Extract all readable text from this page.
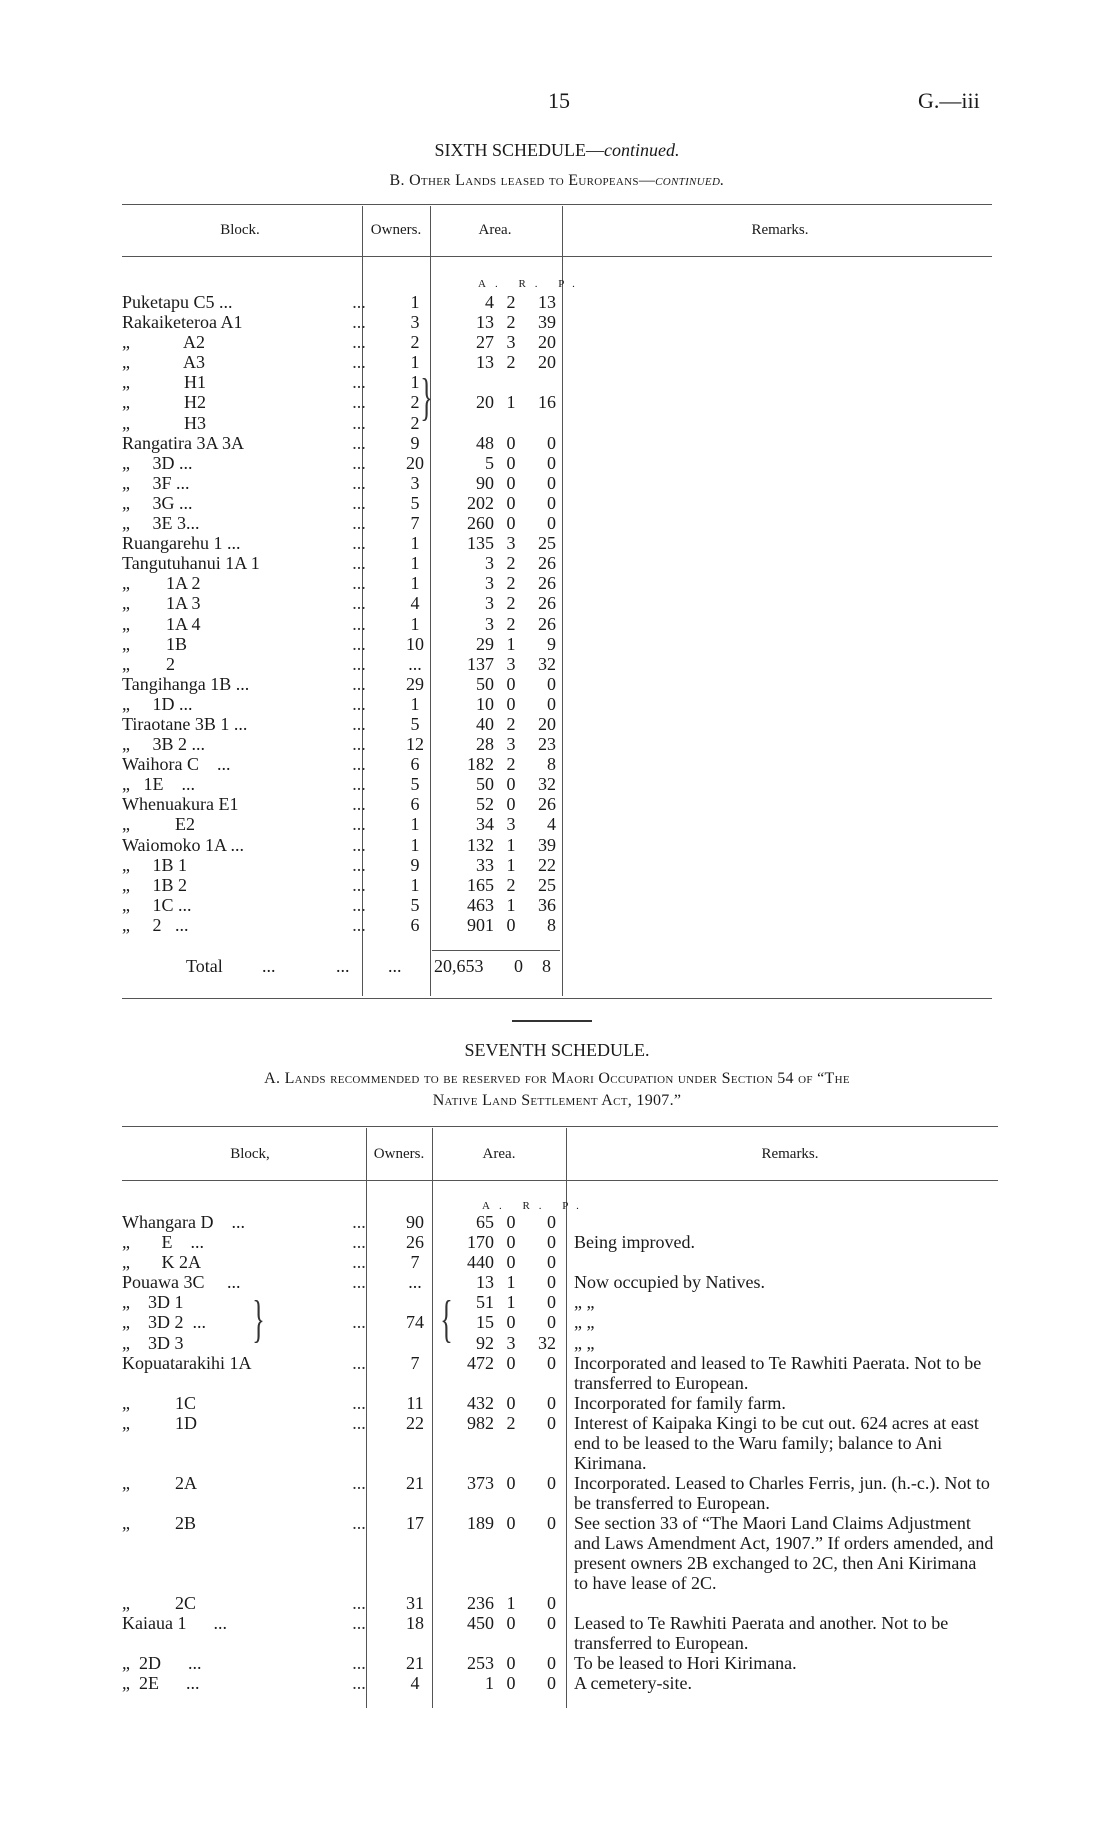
15	G.—iii
SIXTH SCHEDULE—continued.
B. Other Lands leased to Europeans—continued.
Block.	Owners.	Area.	Remarks.
A. R. P.
Puketapu C5 ...	...	1	4	2	13
Rakaiketeroa A1	...	3	13	2	39
„            A2	...	2	27	3	20
„            A3	...	1	13	2	20
„            H1	...	1			
„            H2	...	2	20	1	16
„            H3	...	2			
Rangatira 3A 3A	...	9	48	0	0
„     3D ...	...	20	5	0	0
„     3F ...	...	3	90	0	0
„     3G ...	...	5	202	0	0
„     3E 3...	...	7	260	0	0
Ruangarehu 1 ...	...	1	135	3	25
Tangutuhanui 1A 1	...	1	3	2	26
„        1A 2	...	1	3	2	26
„        1A 3	...	4	3	2	26
„        1A 4	...	1	3	2	26
„        1B	...	10	29	1	9
„        2	...	...	137	3	32
Tangihanga 1B ...	...	29	50	0	0
„     1D ...	...	1	10	0	0
Tiraotane 3B 1 ...	...	5	40	2	20
„     3B 2 ...	...	12	28	3	23
Waihora C    ...	...	6	182	2	8
„   1E    ...	...	5	50	0	32
Whenuakura E1	...	6	52	0	26
„          E2	...	1	34	3	4
Waiomoko 1A ...	...	1	132	1	39
„     1B 1	...	9	33	1	22
„     1B 2	...	1	165	2	25
„     1C ...	...	5	463	1	36
„     2   ...	...	6	901	0	8
}
Total ...	... ... 20,653 0 8
SEVENTH SCHEDULE.
A. Lands recommended to be reserved for Maori Occupation under Section 54 of “The
Native Land Settlement Act, 1907.”
Block,	Owners.	Area.	Remarks.
A. R. P.
Whangara D    ...	...	90	65	0	0	
„       E    ...	...	26	170	0	0	Being improved.
„       K 2A	...	7	440	0	0	
Pouawa 3C     ...	...	...	13	1	0	Now occupied by Natives.
„    3D 1			51	1	0	„ „
„    3D 2  ...	...	74	15	0	0	„ „
„    3D 3			92	3	32	„ „
Kopuatarakihi 1A	...	7	472	0	0	Incorporated and leased to Te Rawhiti Paerata. Not to be transferred to European.
„          1C	...	11	432	0	0	Incorporated for family farm.
„          1D	...	22	982	2	0	Interest of Kaipaka Kingi to be cut out. 624 acres at east end to be leased to the Waru family; balance to Ani Kirimana.
„          2A	...	21	373	0	0	Incorporated. Leased to Charles Ferris, jun. (h.-c.). Not to be transferred to European.
„          2B	...	17	189	0	0	See section 33 of “The Maori Land Claims Adjustment and Laws Amendment Act, 1907.” If orders amended, and present owners 2B exchanged to 2C, then Ani Kirimana to have lease of 2C.
„          2C	...	31	236	1	0	
Kaiaua 1      ...	...	18	450	0	0	Leased to Te Rawhiti Paerata and another. Not to be transferred to European.
„  2D      ...	...	21	253	0	0	To be leased to Hori Kirimana.
„  2E      ...	...	4	1	0	0	A cemetery-site.
{
}
